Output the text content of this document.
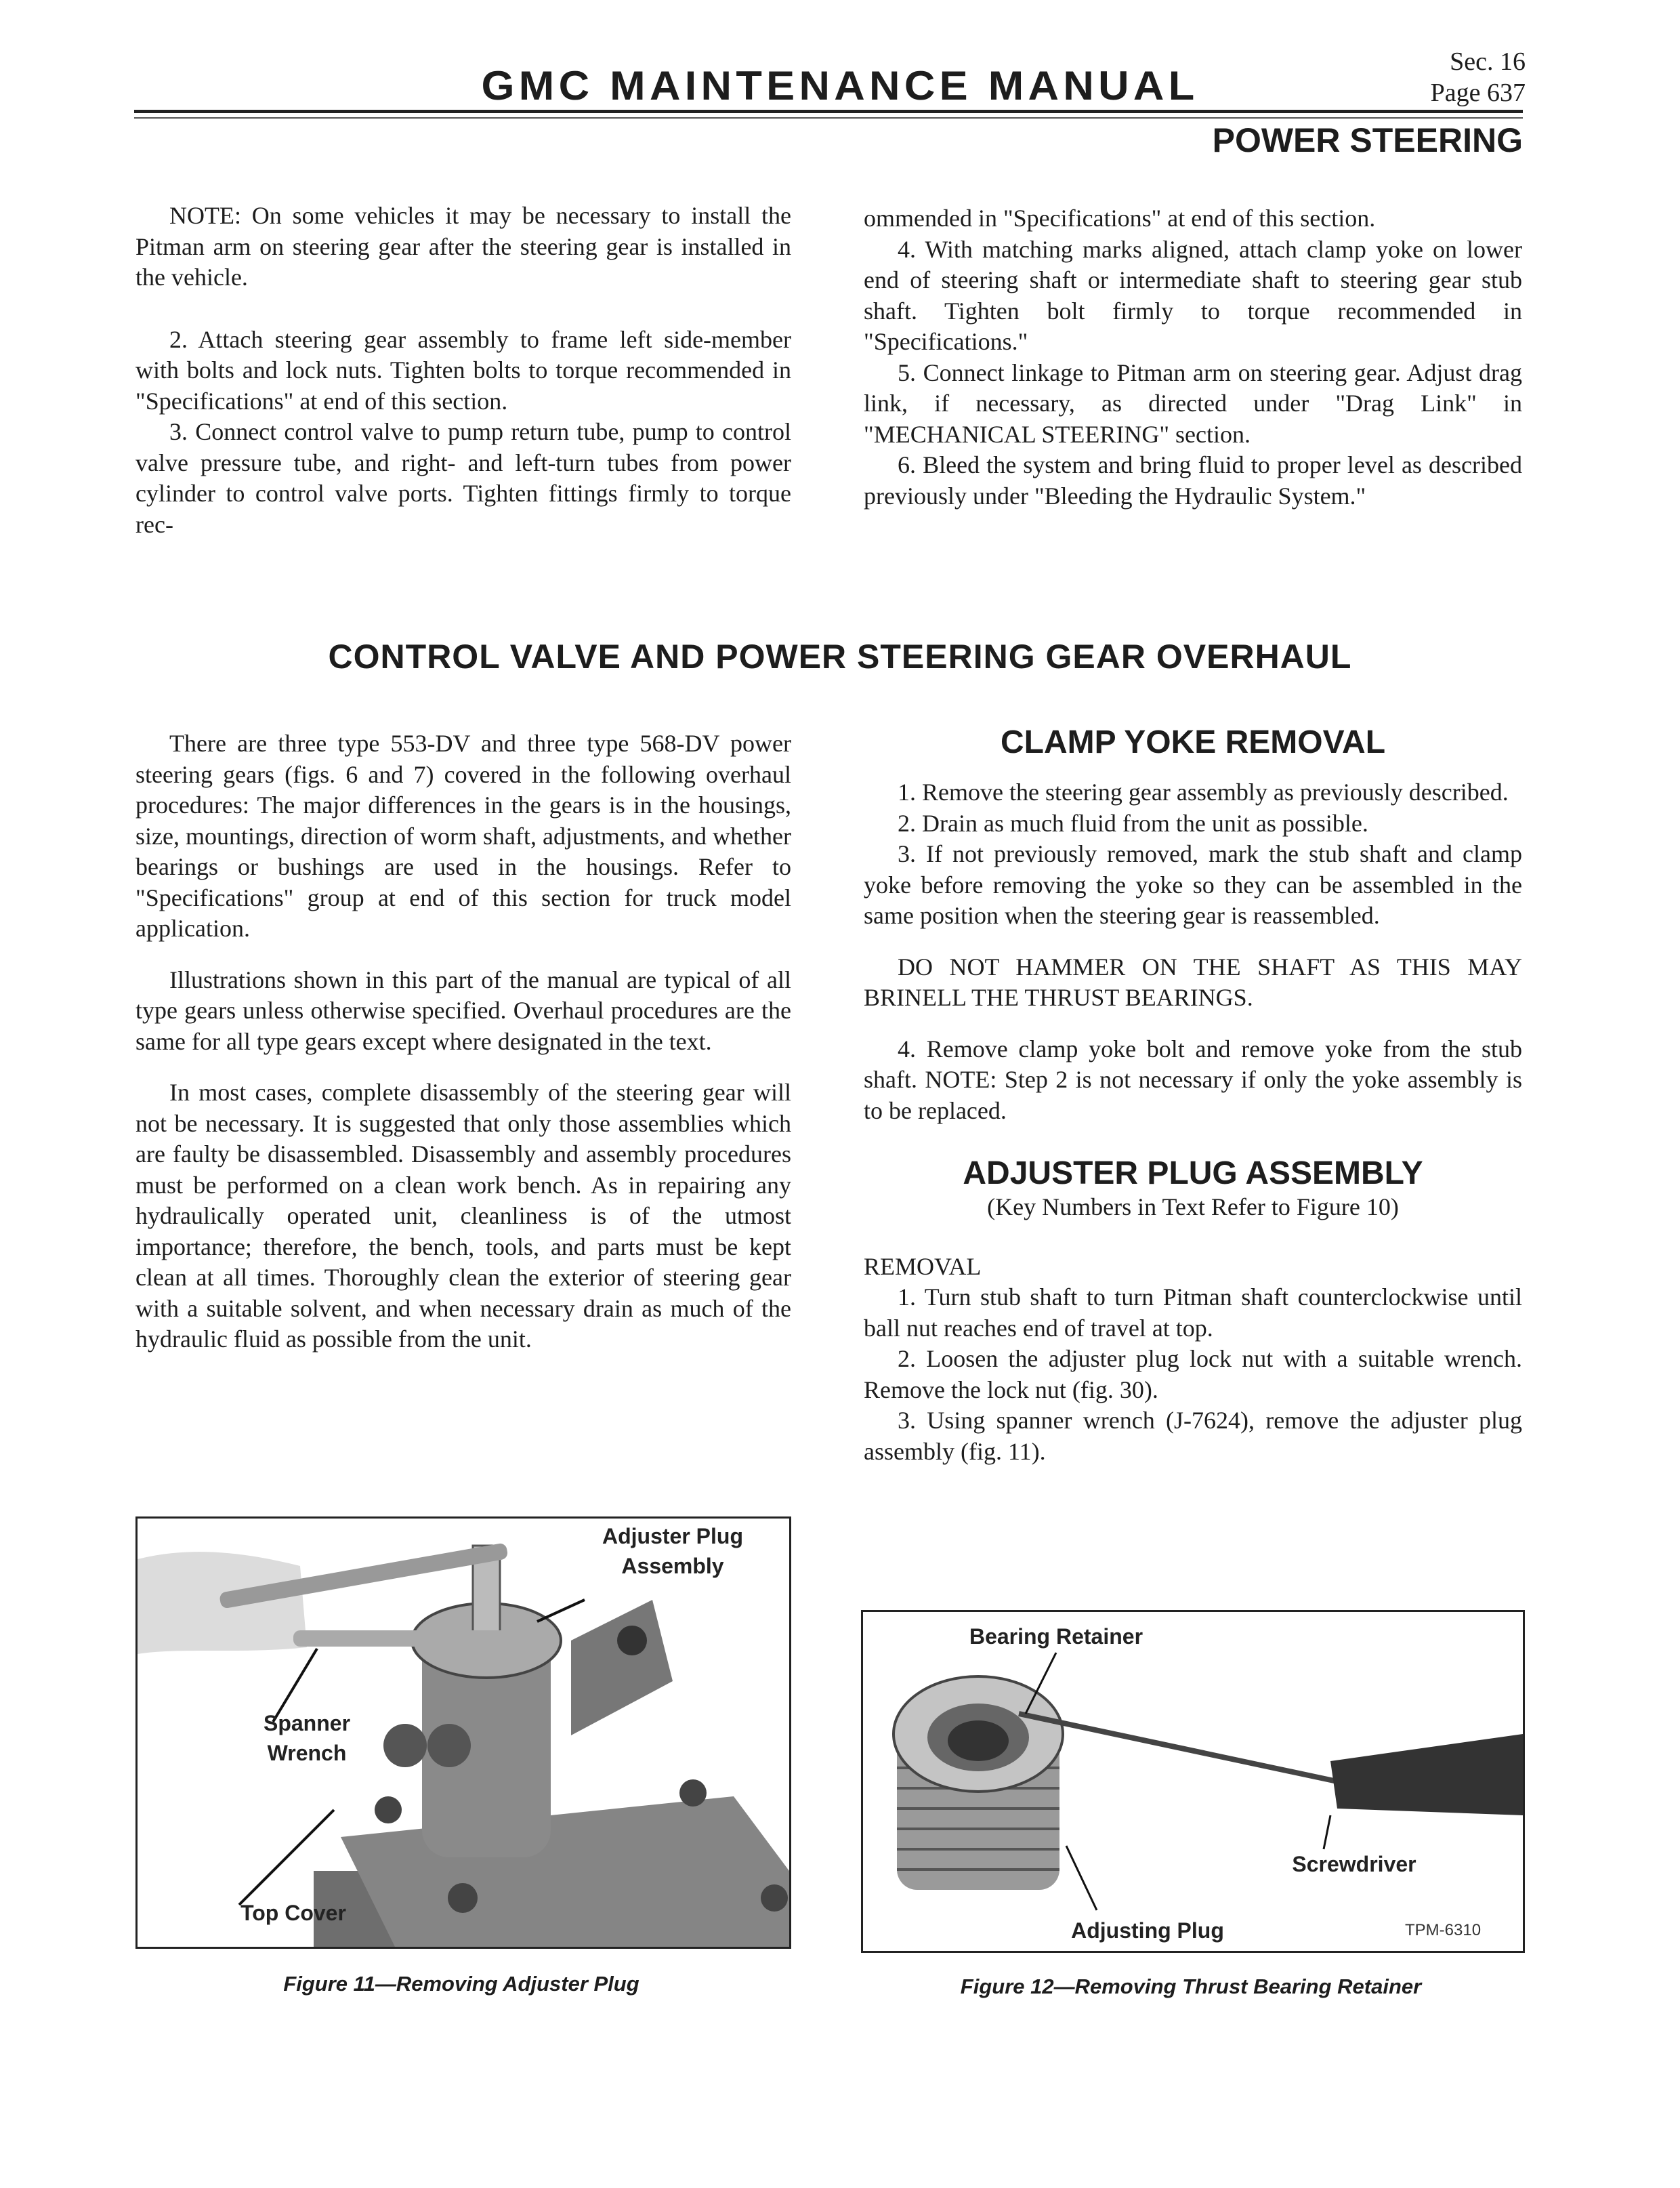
GMC MAINTENANCE MANUAL
Sec. 16
Page 637
POWER STEERING

NOTE: On some vehicles it may be necessary to install the Pitman arm on steering gear after the steering gear is installed in the vehicle.

2. Attach steering gear assembly to frame left side-member with bolts and lock nuts. Tighten bolts to torque recommended in "Specifications" at end of this section.

3. Connect control valve to pump return tube, pump to control valve pressure tube, and right- and left-turn tubes from power cylinder to control valve ports. Tighten fittings firmly to torque rec-

ommended in "Specifications" at end of this section.

4. With matching marks aligned, attach clamp yoke on lower end of steering shaft or intermediate shaft to steering gear stub shaft. Tighten bolt firmly to torque recommended in "Specifications."

5. Connect linkage to Pitman arm on steering gear. Adjust drag link, if necessary, as directed under "Drag Link" in "MECHANICAL STEERING" section.

6. Bleed the system and bring fluid to proper level as described previously under "Bleeding the Hydraulic System."

CONTROL VALVE AND POWER STEERING GEAR OVERHAUL

There are three type 553-DV and three type 568-DV power steering gears (figs. 6 and 7) covered in the following overhaul procedures: The major differences in the gears is in the housings, size, mountings, direction of worm shaft, adjustments, and whether bearings or bushings are used in the housings. Refer to "Specifications" group at end of this section for truck model application.

Illustrations shown in this part of the manual are typical of all type gears unless otherwise specified. Overhaul procedures are the same for all type gears except where designated in the text.

In most cases, complete disassembly of the steering gear will not be necessary. It is suggested that only those assemblies which are faulty be disassembled. Disassembly and assembly procedures must be performed on a clean work bench. As in repairing any hydraulically operated unit, cleanliness is of the utmost importance; therefore, the bench, tools, and parts must be kept clean at all times. Thoroughly clean the exterior of steering gear with a suitable solvent, and when necessary drain as much of the hydraulic fluid as possible from the unit.

CLAMP YOKE REMOVAL

1. Remove the steering gear assembly as previously described.

2. Drain as much fluid from the unit as possible.

3. If not previously removed, mark the stub shaft and clamp yoke before removing the yoke so they can be assembled in the same position when the steering gear is reassembled.

DO NOT HAMMER ON THE SHAFT AS THIS MAY BRINELL THE THRUST BEARINGS.

4. Remove clamp yoke bolt and remove yoke from the stub shaft. NOTE: Step 2 is not necessary if only the yoke assembly is to be replaced.

ADJUSTER PLUG ASSEMBLY
(Key Numbers in Text Refer to Figure 10)

REMOVAL

1. Turn stub shaft to turn Pitman shaft counterclockwise until ball nut reaches end of travel at top.

2. Loosen the adjuster plug lock nut with a suitable wrench. Remove the lock nut (fig. 30).

3. Using spanner wrench (J-7624), remove the adjuster plug assembly (fig. 11).

Adjuster Plug
Assembly
Spanner
Wrench
Top Cover
Figure 11—Removing Adjuster Plug
Bearing Retainer
Screwdriver
Adjusting Plug	TPM-6310
Figure 12—Removing Thrust Bearing Retainer
